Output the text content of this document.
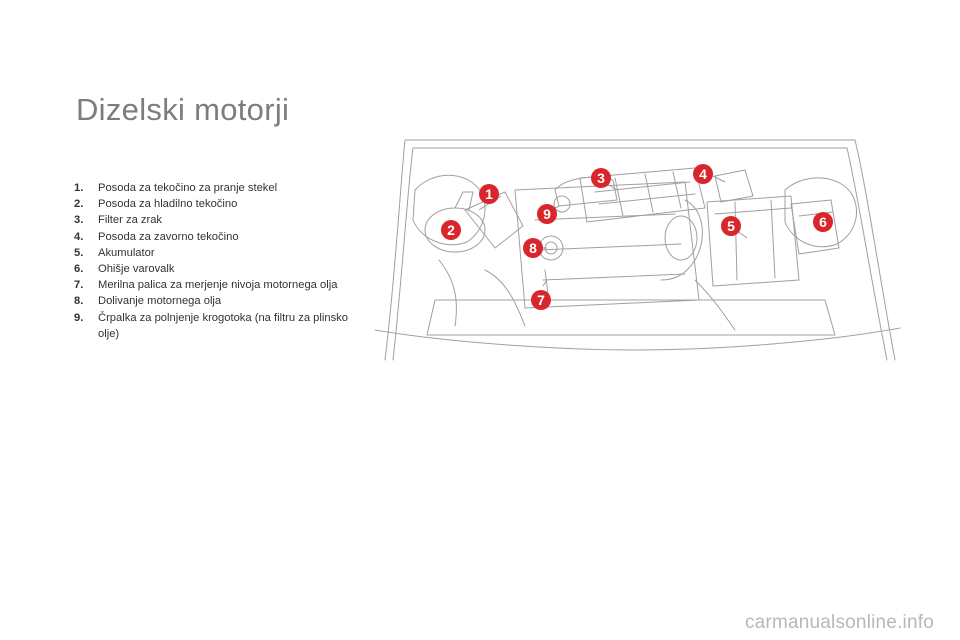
Dizelski motorji
1.	Posoda za tekočino za pranje stekel
2.	Posoda za hladilno tekočino
3.	Filter za zrak
4.	Posoda za zavorno tekočino
5.	Akumulator
6.	Ohišje varovalk
7.	Merilna palica za merjenje nivoja motornega olja
8.	Dolivanje motornega olja
9.	Črpalka za polnjenje krogotoka (na filtru za plinsko olje)
1
2
3	4
5	6
7
8
9
carmanualsonline.info
